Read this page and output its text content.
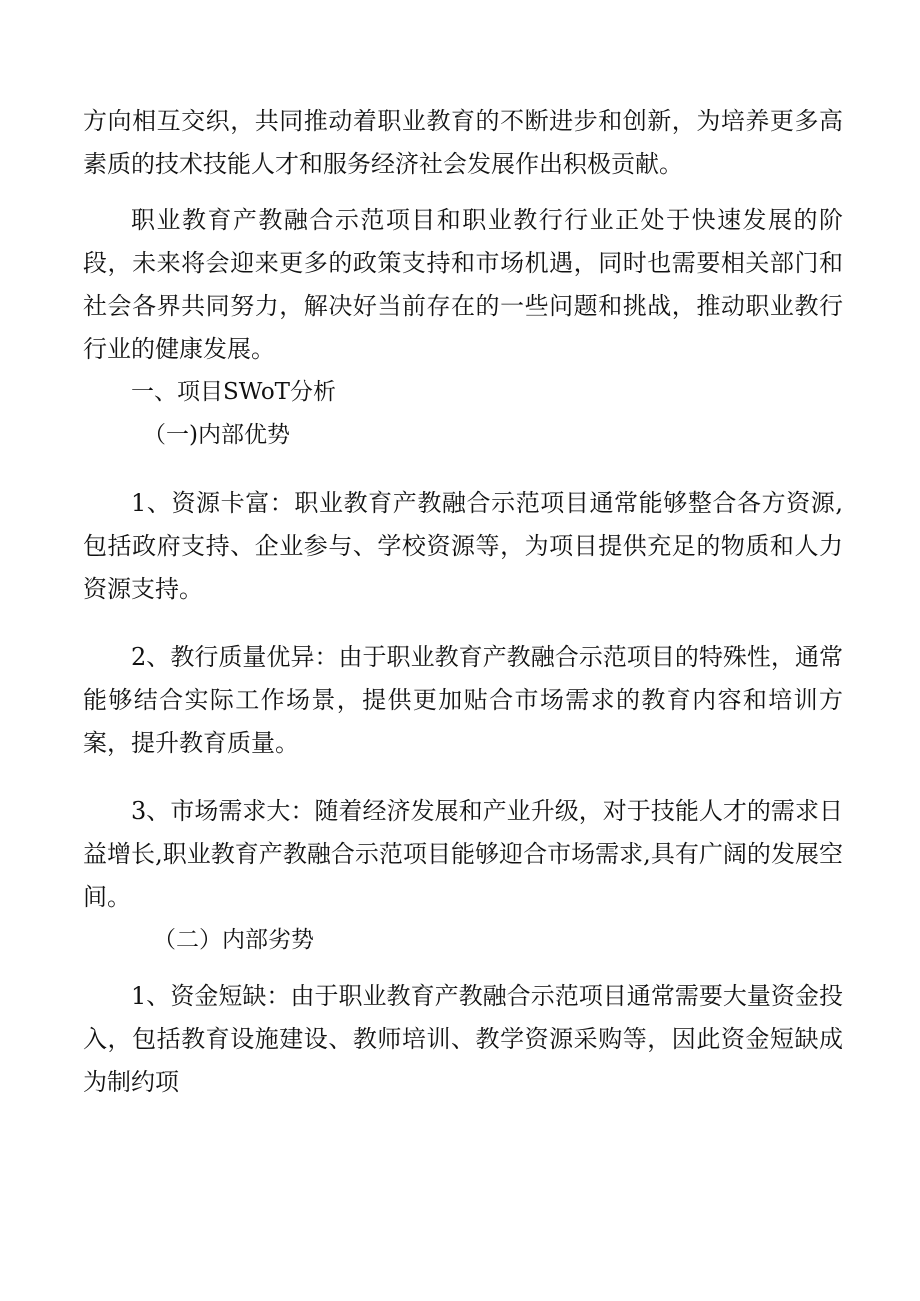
方向相互交织，共同推动着职业教育的不断进步和创新，为培养更多高素质的技术技能人才和服务经济社会发展作出积极贡献。

职业教育产教融合示范项目和职业教行行业正处于快速发展的阶段，未来将会迎来更多的政策支持和市场机遇，同时也需要相关部门和社会各界共同努力，解决好当前存在的一些问题和挑战，推动职业教行行业的健康发展。

一、项目SWoT分析

（一)内部优势

1、资源卡富：职业教育产教融合示范项目通常能够整合各方资源,包括政府支持、企业参与、学校资源等，为项目提供充足的物质和人力资源支持。

2、教行质量优异：由于职业教育产教融合示范项目的特殊性，通常能够结合实际工作场景，提供更加贴合市场需求的教育内容和培训方案，提升教育质量。

3、市场需求大：随着经济发展和产业升级，对于技能人才的需求日益增长,职业教育产教融合示范项目能够迎合市场需求,具有广阔的发展空间。

（二）内部劣势

1、资金短缺：由于职业教育产教融合示范项目通常需要大量资金投入，包括教育设施建设、教师培训、教学资源采购等，因此资金短缺成为制约项
